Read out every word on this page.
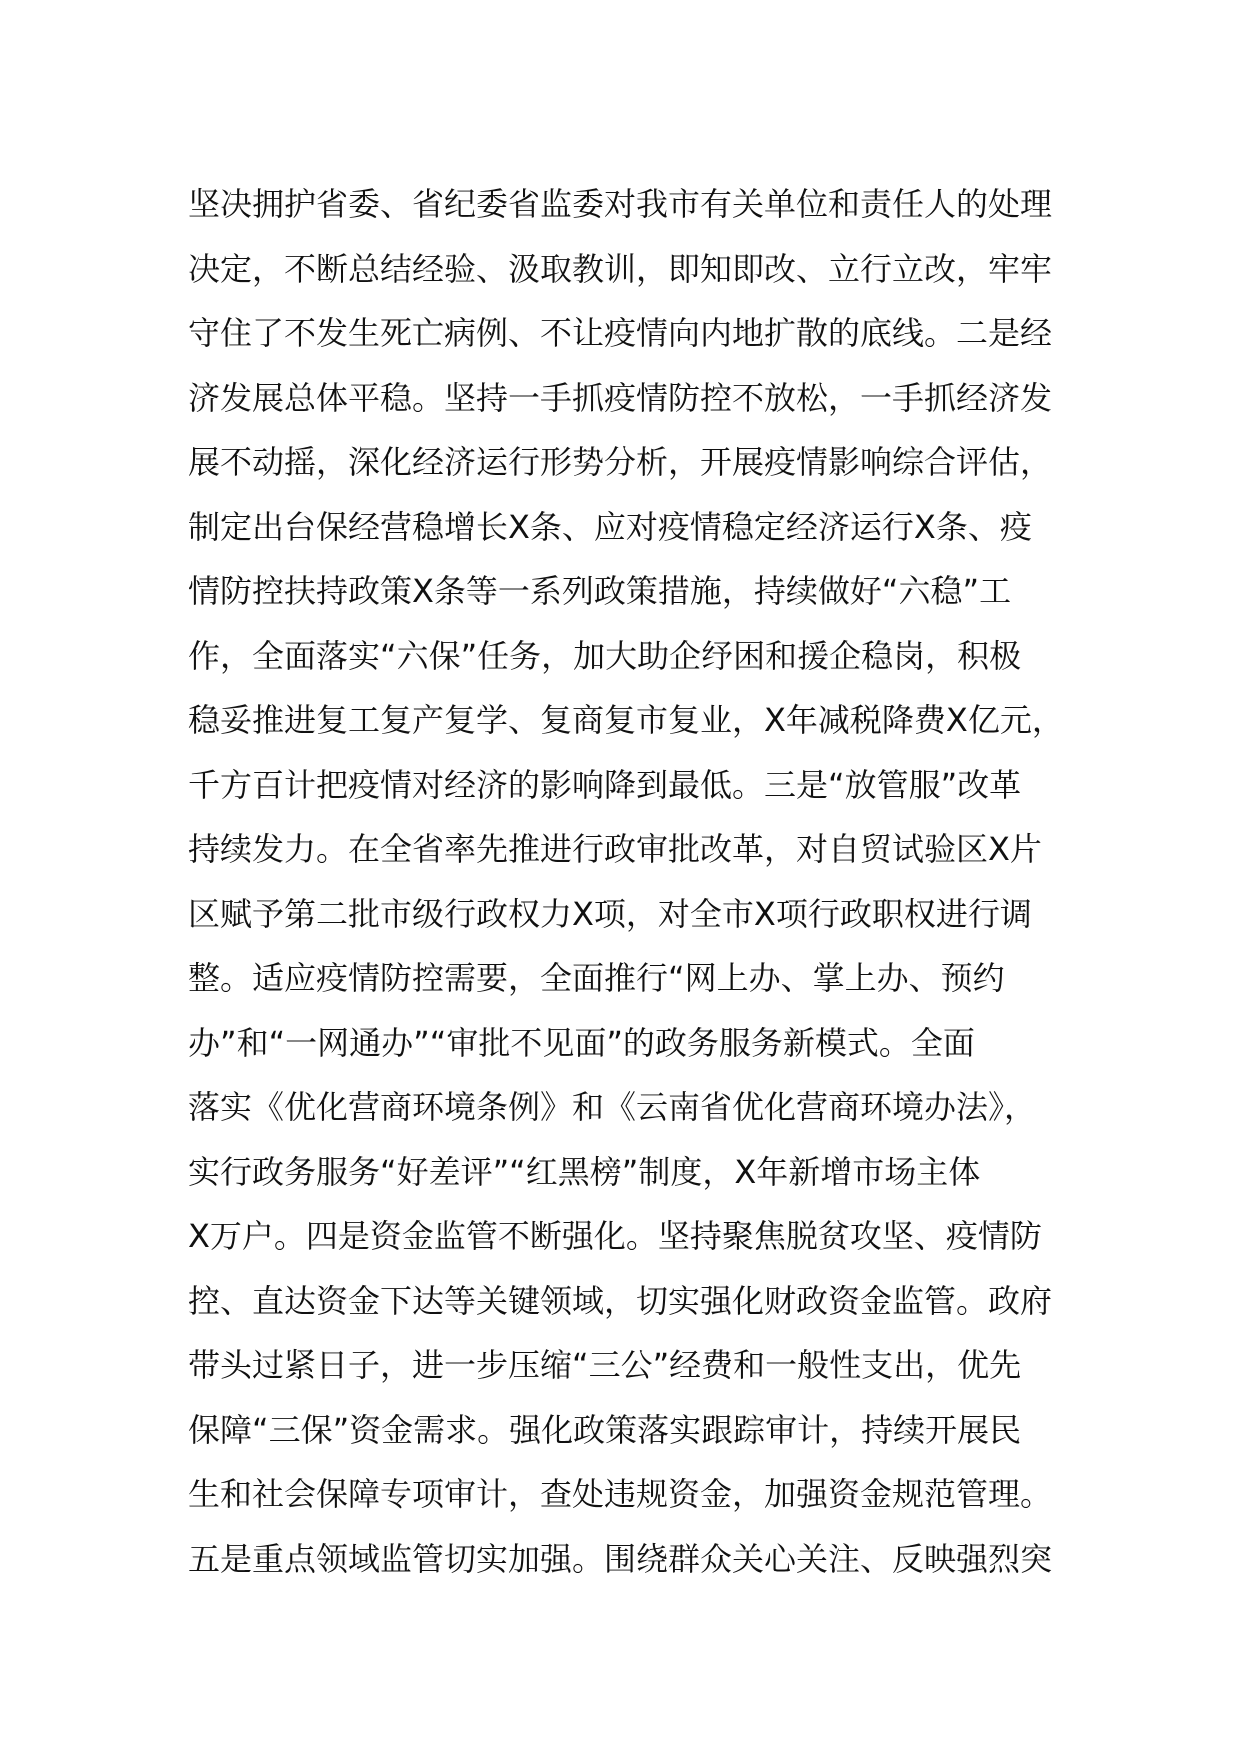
坚决拥护省委、省纪委省监委对我市有关单位和责任人的处理
决定，不断总结经验、汲取教训，即知即改、立行立改，牢牢
守住了不发生死亡病例、不让疫情向内地扩散的底线。二是经
济发展总体平稳。坚持一手抓疫情防控不放松，一手抓经济发
展不动摇，深化经济运行形势分析，开展疫情影响综合评估，
制定出台保经营稳增长X条、应对疫情稳定经济运行X条、疫
情防控扶持政策X条等一系列政策措施，持续做好“六稳”工
作，全面落实“六保”任务，加大助企纾困和援企稳岗，积极
稳妥推进复工复产复学、复商复市复业，X年减税降费X亿元，
千方百计把疫情对经济的影响降到最低。三是“放管服”改革
持续发力。在全省率先推进行政审批改革，对自贸试验区X片
区赋予第二批市级行政权力X项，对全市X项行政职权进行调
整。适应疫情防控需要，全面推行“网上办、掌上办、预约
办”和“一网通办”“审批不见面”的政务服务新模式。全面
落实《优化营商环境条例》和《云南省优化营商环境办法》，
实行政务服务“好差评”“红黑榜”制度，X年新增市场主体
X万户。四是资金监管不断强化。坚持聚焦脱贫攻坚、疫情防
控、直达资金下达等关键领域，切实强化财政资金监管。政府
带头过紧日子，进一步压缩“三公”经费和一般性支出，优先
保障“三保”资金需求。强化政策落实跟踪审计，持续开展民
生和社会保障专项审计，查处违规资金，加强资金规范管理。
五是重点领域监管切实加强。围绕群众关心关注、反映强烈突
